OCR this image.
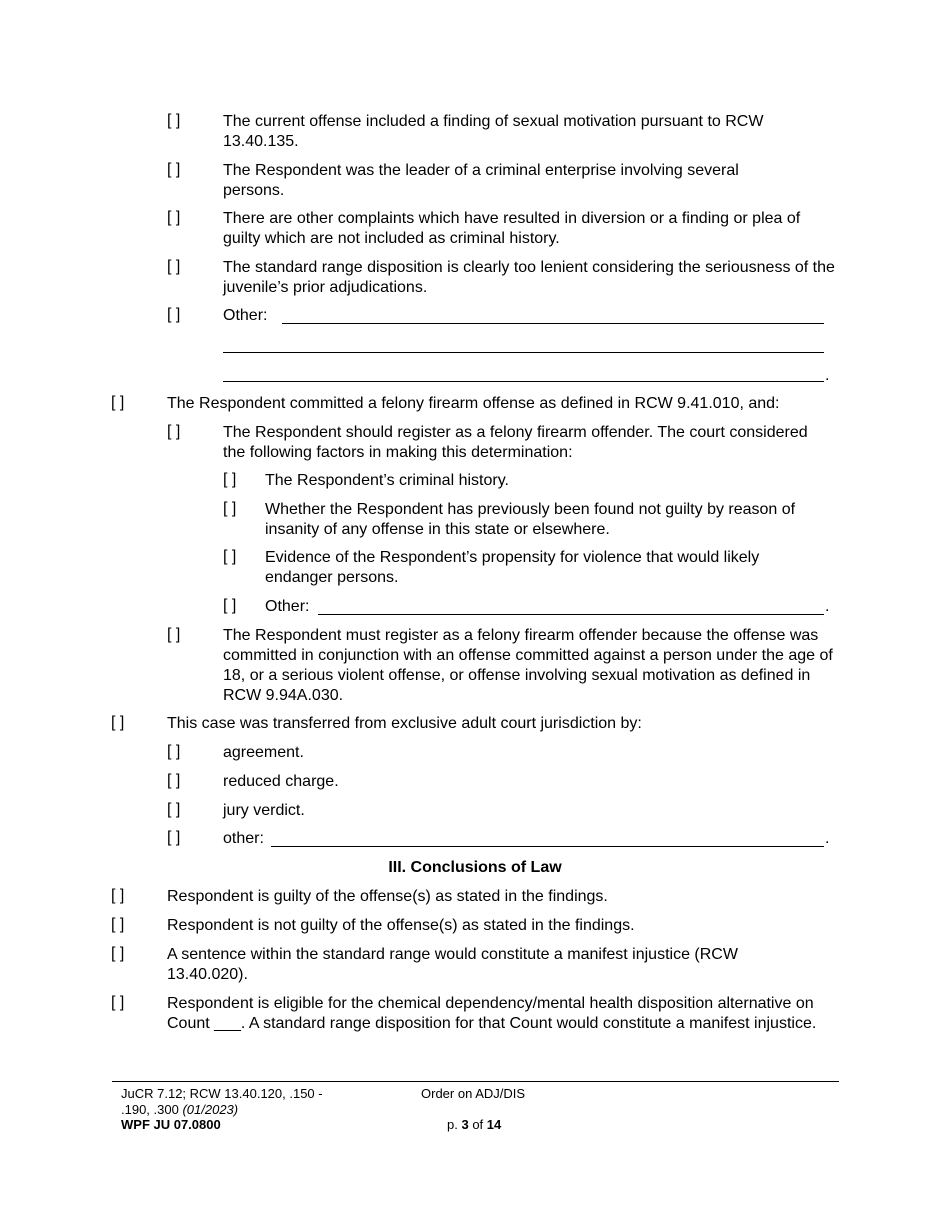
[ ]	The current offense included a finding of sexual motivation pursuant to RCW 13.40.135.
[ ]	The Respondent was the leader of a criminal enterprise involving several persons.
[ ]	There are other complaints which have resulted in diversion or a finding or plea of guilty which are not included as criminal history.
[ ]	The standard range disposition is clearly too lenient considering the seriousness of the juvenile’s prior adjudications.
[ ]	Other:
.
[ ]	The Respondent committed a felony firearm offense as defined in RCW 9.41.010, and:
[ ]	The Respondent should register as a felony firearm offender. The court considered the following factors in making this determination:
[ ] The Respondent’s criminal history.
[ ] Whether the Respondent has previously been found not guilty by reason of insanity of any offense in this state or elsewhere.
[ ] Evidence of the Respondent’s propensity for violence that would likely endanger persons.
[ ] Other:	.
[ ]	The Respondent must register as a felony firearm offender because the offense was committed in conjunction with an offense committed against a person under the age of 18, or a serious violent offense, or offense involving sexual motivation as defined in RCW 9.94A.030.
[ ]	This case was transferred from exclusive adult court jurisdiction by:
[ ]	agreement.
[ ]	reduced charge.
[ ]	jury verdict.
[ ]	other:	.
III. Conclusions of Law
[ ]	Respondent is guilty of the offense(s) as stated in the findings.
[ ]	Respondent is not guilty of the offense(s) as stated in the findings.
[ ]	A sentence within the standard range would constitute a manifest injustice (RCW 13.40.020).
[ ]	Respondent is eligible for the chemical dependency/mental health disposition alternative on Count ___. A standard range disposition for that Count would constitute a manifest injustice.
JuCR 7.12; RCW 13.40.120, .150 - .190, .300 (01/2023)
WPF JU 07.0800
Order on ADJ/DIS
p. 3 of 14
